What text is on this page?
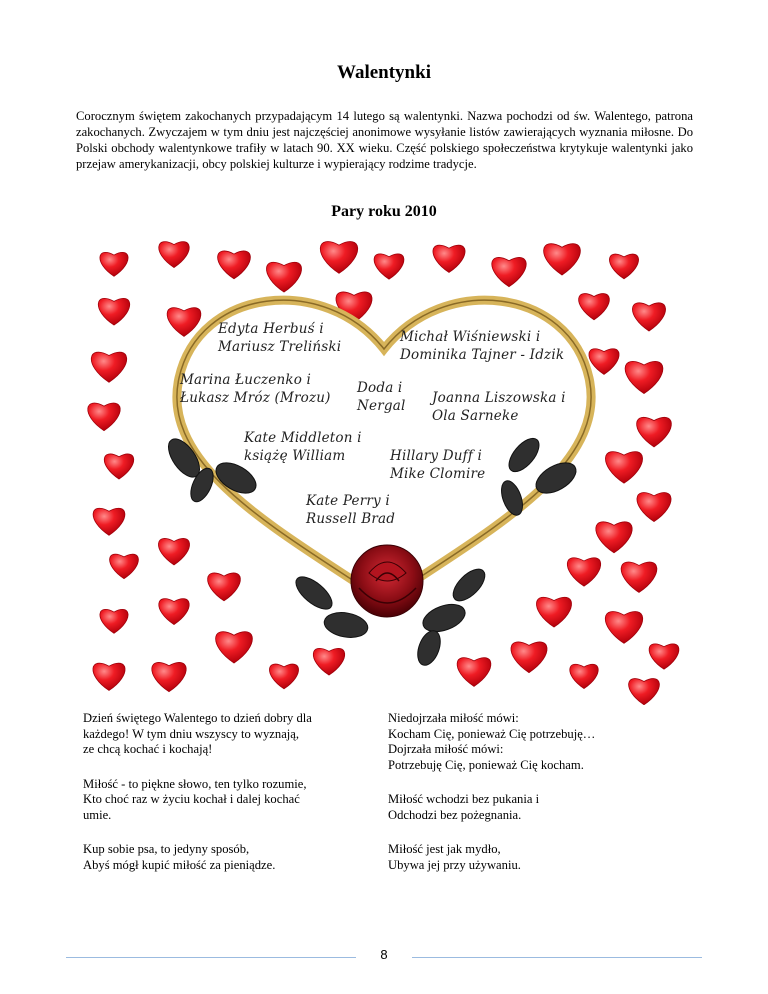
Walentynki

Corocznym świętem zakochanych przypadającym 14 lutego są walentynki. Nazwa pochodzi od św. Walentego, patrona zakochanych. Zwyczajem w tym dniu jest najczęściej anonimowe wysyłanie listów zawierających wyznania miłosne. Do Polski obchody walentynkowe trafiły w latach 90. XX wieku. Część polskiego społeczeństwa krytykuje walentynki jako przejaw amerykanizacji, obcy polskiej kulturze i wypierający rodzime tradycje.

Pary roku 2010
Edyta Herbuś i
Mariusz Treliński
Michał Wiśniewski i
Dominika Tajner - Idzik
Marina Łuczenko i
Łukasz Mróz (Mrozu)
Doda i
Nergal Joanna Liszowska i
Ola Sarneke
Kate Middleton i
książę William	Hillary Duff i
Mike Clomire
Kate Perry i
Russell Brad

Dzień świętego Walentego to dzień dobry dla
każdego! W tym dniu wszyscy to wyznają,
ze chcą kochać i kochają!

Miłość - to piękne słowo, ten tylko rozumie,
Kto choć raz w życiu kochał i dalej kochać
umie.

Kup sobie psa, to jedyny sposób,
Abyś mógł kupić miłość za pieniądze.

Niedojrzała miłość mówi:
Kocham Cię, ponieważ Cię potrzebuję…
Dojrzała miłość mówi:
Potrzebuję Cię, ponieważ Cię kocham.

Miłość wchodzi bez pukania i
Odchodzi bez pożegnania.

Miłość jest jak mydło,
Ubywa jej przy używaniu.

8
